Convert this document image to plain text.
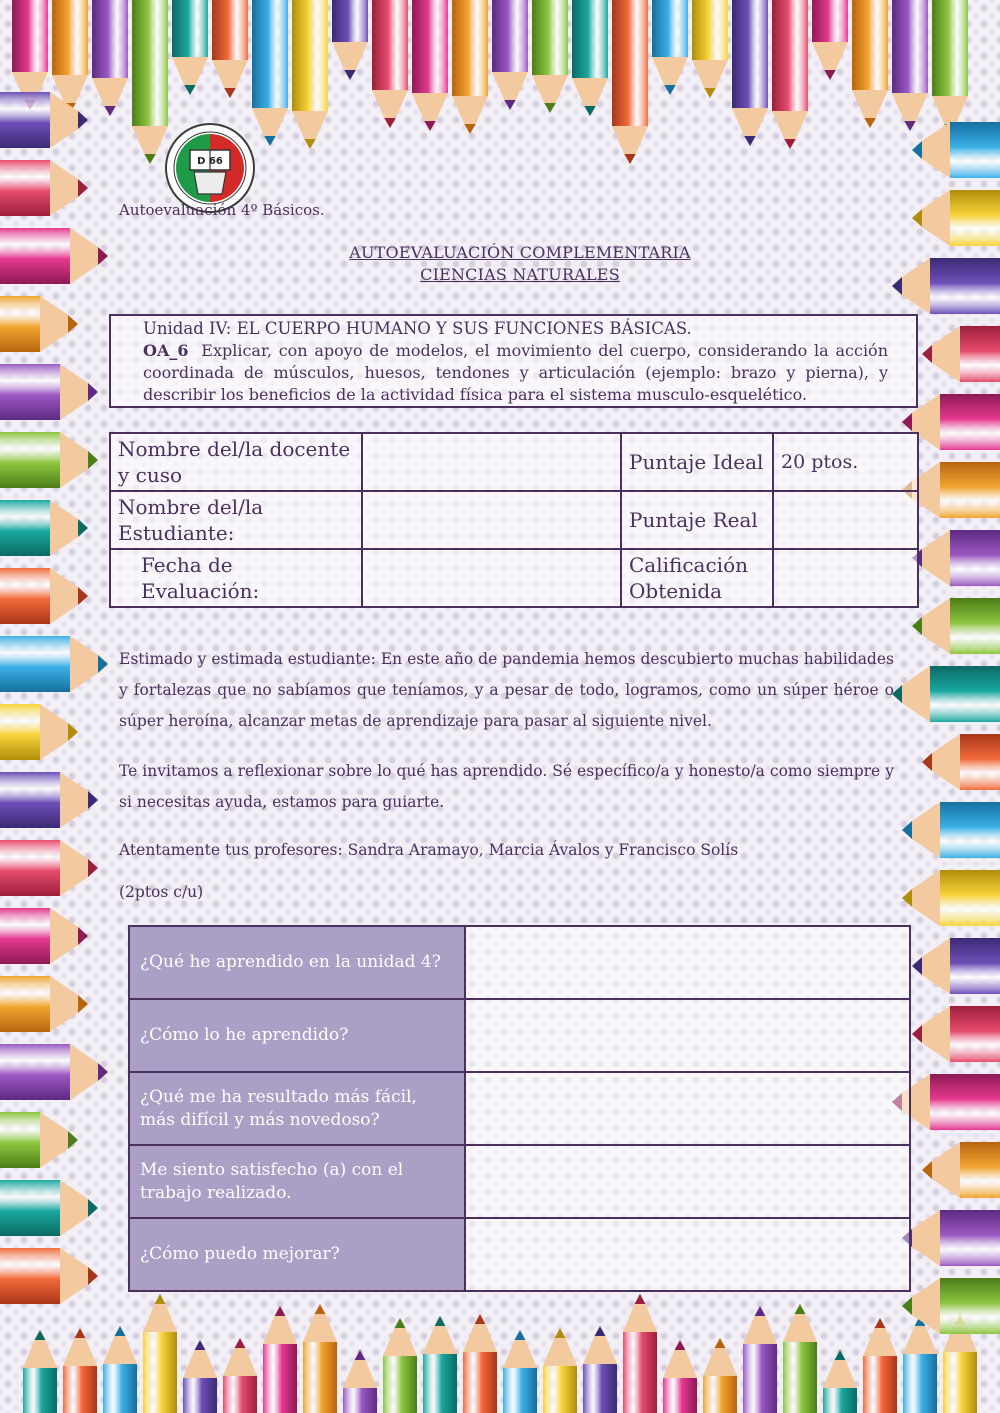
D 66
Autoevaluación 4º Básicos.
AUTOEVALUACIÓN COMPLEMENTARIA
CIENCIAS NATURALES
Unidad IV: EL CUERPO HUMANO Y SUS FUNCIONES BÁSICAS.
OA_6 Explicar, con apoyo de modelos, el movimiento del cuerpo, considerando la acción coordinada de músculos, huesos, tendones y articulación (ejemplo: brazo y pierna), y describir los beneficios de la actividad física para el sistema musculo-esquelético.
Nombre del/la docente y cuso		Puntaje Ideal	20 ptos.
Nombre del/la Estudiante:		Puntaje Real	
Fecha de Evaluación:		Calificación Obtenida	
Estimado y estimada estudiante: En este año de pandemia hemos descubierto muchas habilidades y fortalezas que no sabíamos que teníamos, y a pesar de todo, logramos, como un súper héroe o súper heroína, alcanzar metas de aprendizaje para pasar al siguiente nivel.
Te invitamos a reflexionar sobre lo qué has aprendido. Sé específico/a y honesto/a como siempre y si necesitas ayuda, estamos para guiarte.
Atentamente tus profesores: Sandra Aramayo, Marcia Ávalos y Francisco Solís
(2ptos c/u)
¿Qué he aprendido en la unidad 4?	
¿Cómo lo he aprendido?	
¿Qué me ha resultado más fácil, más difícil y más novedoso?	
Me siento satisfecho (a) con el trabajo realizado.	
¿Cómo puedo mejorar?	
